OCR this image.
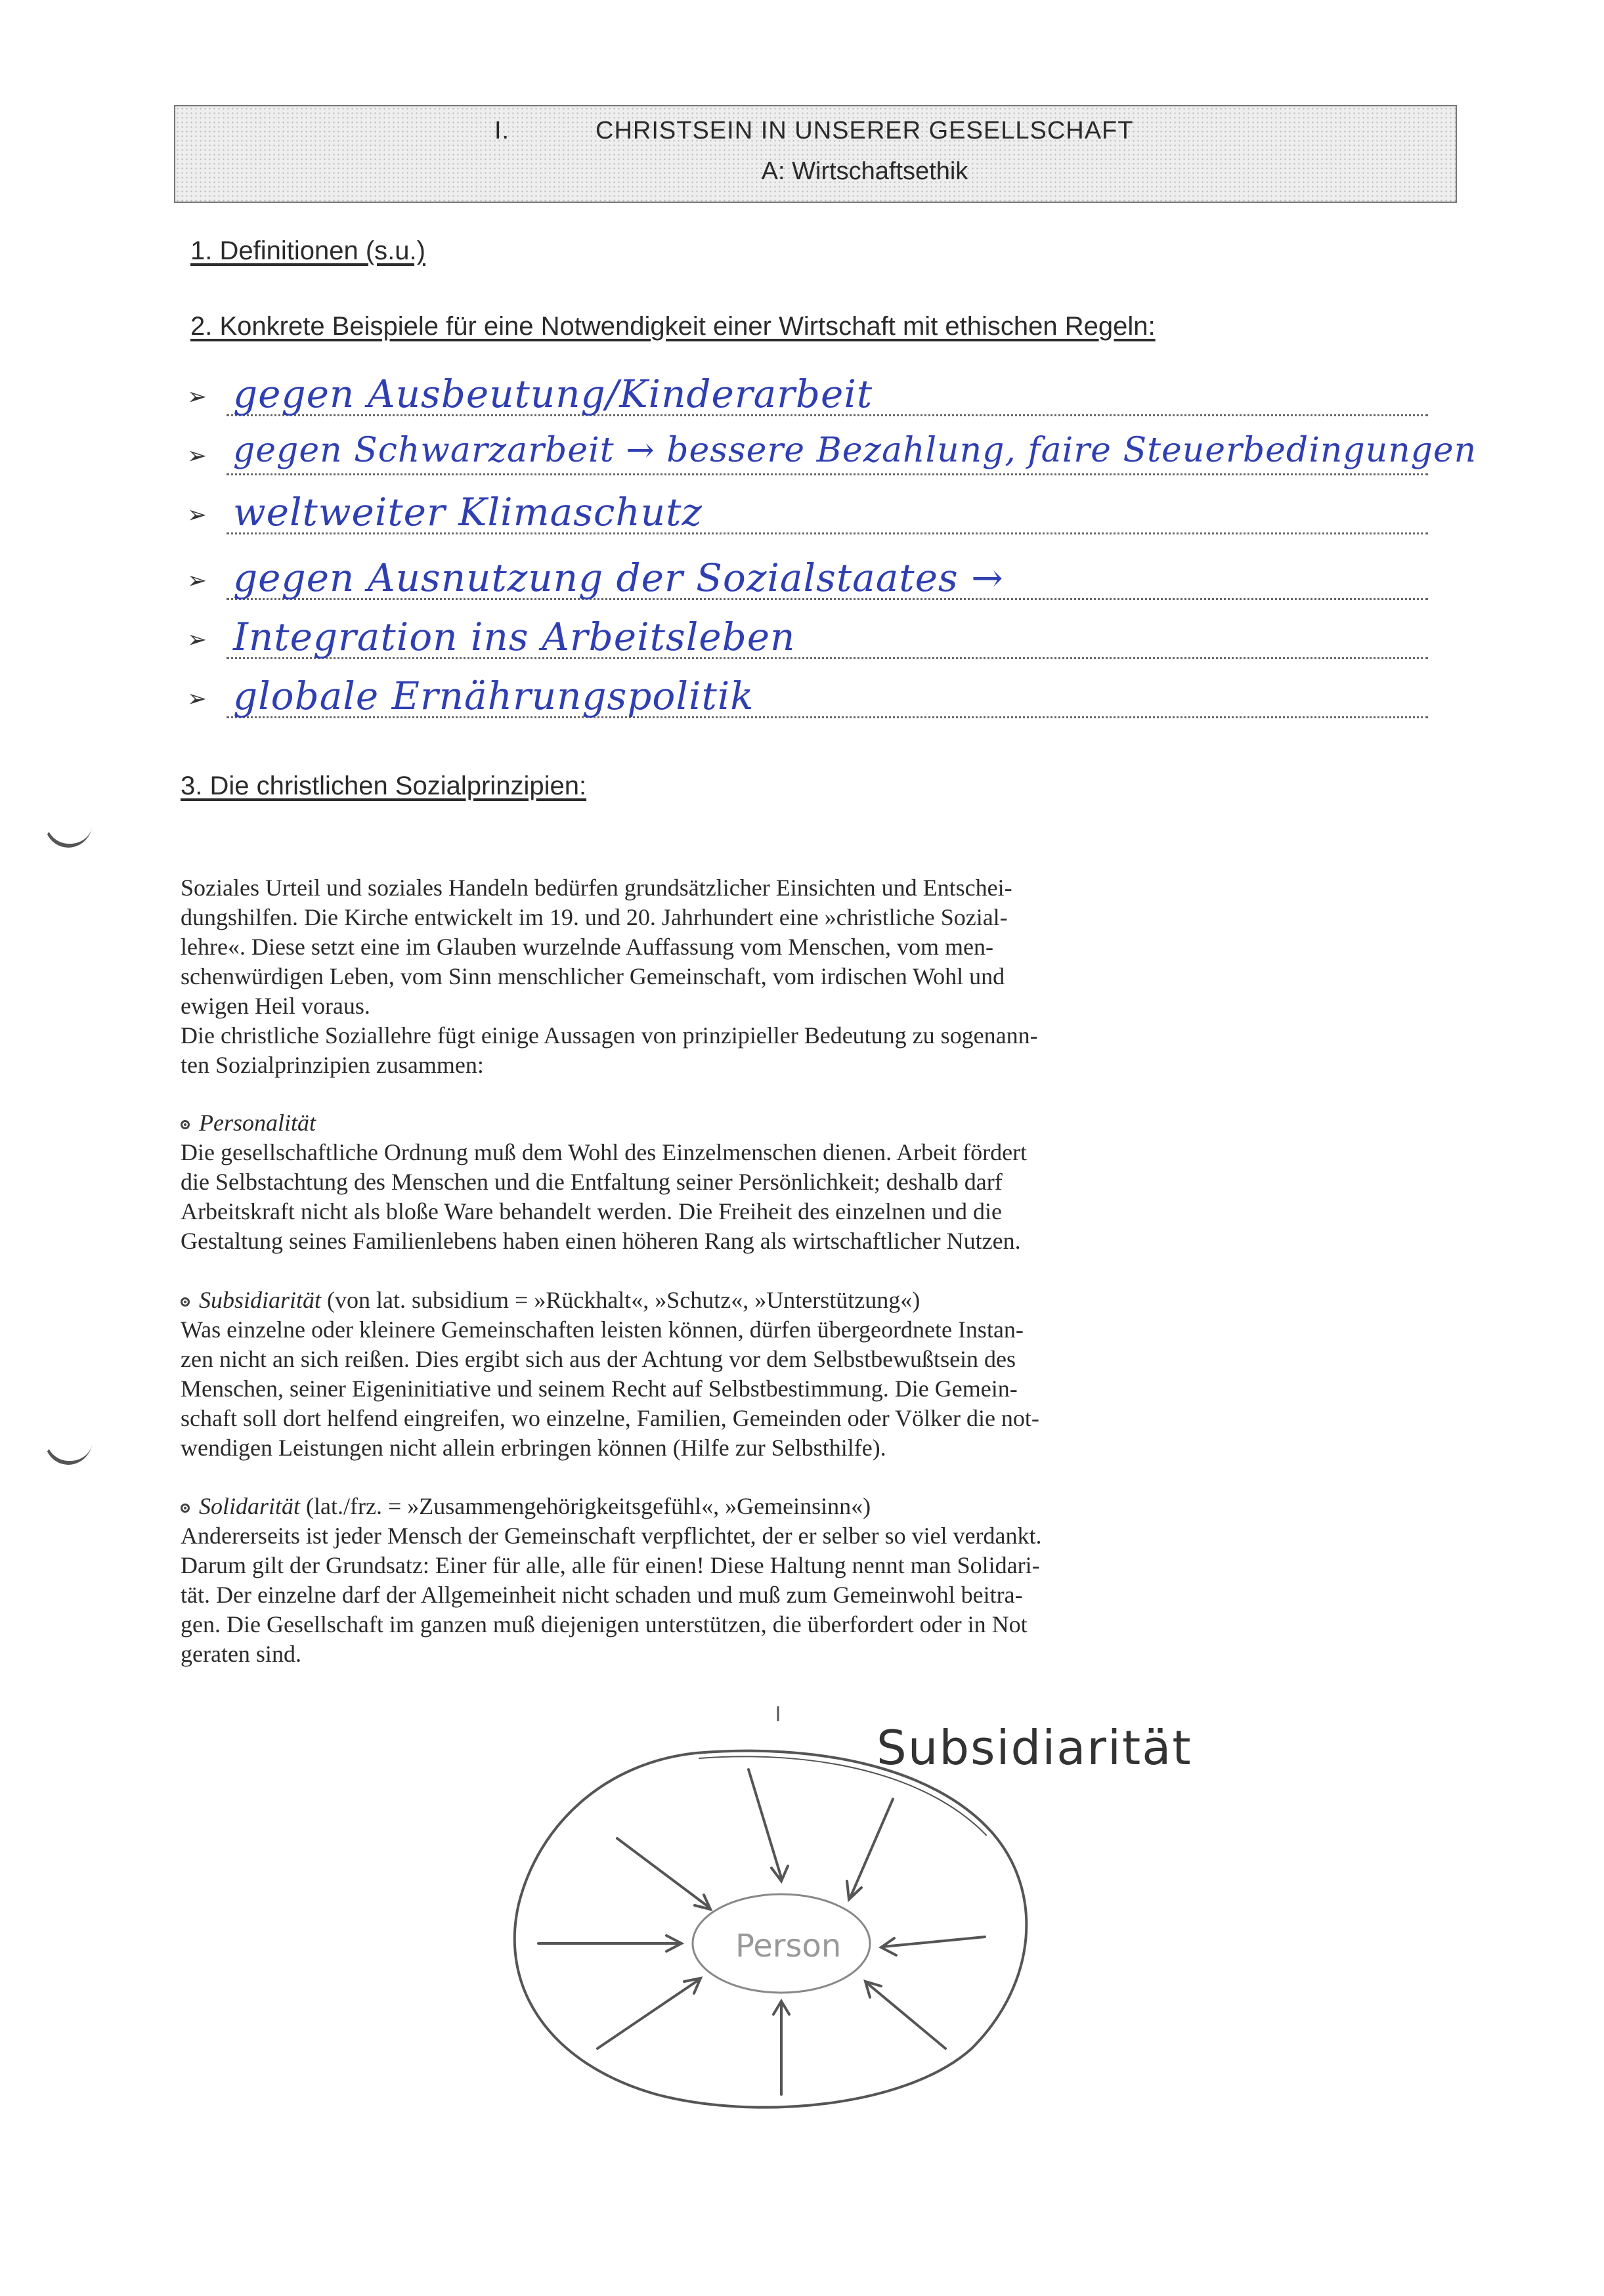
I.	CHRISTSEIN IN UNSERER GESELLSCHAFT
A: Wirtschaftsethik
1. Definitionen (s.u.)
2. Konkrete Beispiele für eine Notwendigkeit einer Wirtschaft mit ethischen Regeln:
➢ gegen Ausbeutung/Kinderarbeit
➢ gegen Schwarzarbeit → bessere Bezahlung, faire Steuerbedingungen
➢ weltweiter Klimaschutz
➢ gegen Ausnutzung der Sozialstaates →
➢ Integration ins Arbeitsleben
➢ globale Ernährungspolitik
3. Die christlichen Sozialprinzipien:
Soziales Urteil und soziales Handeln bedürfen grundsätzlicher Einsichten und Entschei-
dungshilfen. Die Kirche entwickelt im 19. und 20. Jahrhundert eine »christliche Sozial-
lehre«. Diese setzt eine im Glauben wurzelnde Auffassung vom Menschen, vom men-
schenwürdigen Leben, vom Sinn menschlicher Gemeinschaft, vom irdischen Wohl und
ewigen Heil voraus.
Die christliche Soziallehre fügt einige Aussagen von prinzipieller Bedeutung zu sogenann-
ten Sozialprinzipien zusammen:
Personalität
Die gesellschaftliche Ordnung muß dem Wohl des Einzelmenschen dienen. Arbeit fördert
die Selbstachtung des Menschen und die Entfaltung seiner Persönlichkeit; deshalb darf
Arbeitskraft nicht als bloße Ware behandelt werden. Die Freiheit des einzelnen und die
Gestaltung seines Familienlebens haben einen höheren Rang als wirtschaftlicher Nutzen.
Subsidiarität (von lat. subsidium = »Rückhalt«, »Schutz«, »Unterstützung«)
Was einzelne oder kleinere Gemeinschaften leisten können, dürfen übergeordnete Instan-
zen nicht an sich reißen. Dies ergibt sich aus der Achtung vor dem Selbstbewußtsein des
Menschen, seiner Eigeninitiative und seinem Recht auf Selbstbestimmung. Die Gemein-
schaft soll dort helfend eingreifen, wo einzelne, Familien, Gemeinden oder Völker die not-
wendigen Leistungen nicht allein erbringen können (Hilfe zur Selbsthilfe).
Solidarität (lat./frz. = »Zusammengehörigkeitsgefühl«, »Gemeinsinn«)
Andererseits ist jeder Mensch der Gemeinschaft verpflichtet, der er selber so viel verdankt.
Darum gilt der Grundsatz: Einer für alle, alle für einen! Diese Haltung nennt man Solidari-
tät. Der einzelne darf der Allgemeinheit nicht schaden und muß zum Gemeinwohl beitra-
gen. Die Gesellschaft im ganzen muß diejenigen unterstützen, die überfordert oder in Not
geraten sind.
Person
Subsidiarität
